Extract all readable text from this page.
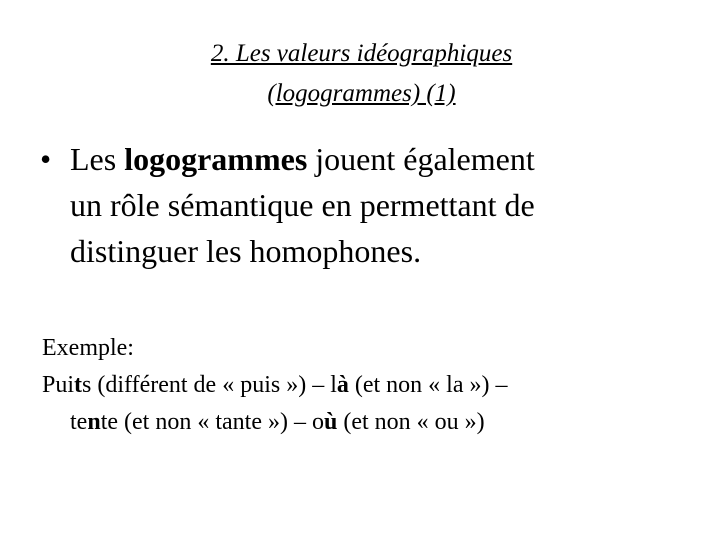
2. Les valeurs idéographiques
(logogrammes) (1)
• Les logogrammes jouent également
un rôle sémantique en permettant de
distinguer les homophones.
Exemple:
Puits (différent de « puis ») – là (et non « la ») –
tente (et non « tante ») – où (et non « ou »)
